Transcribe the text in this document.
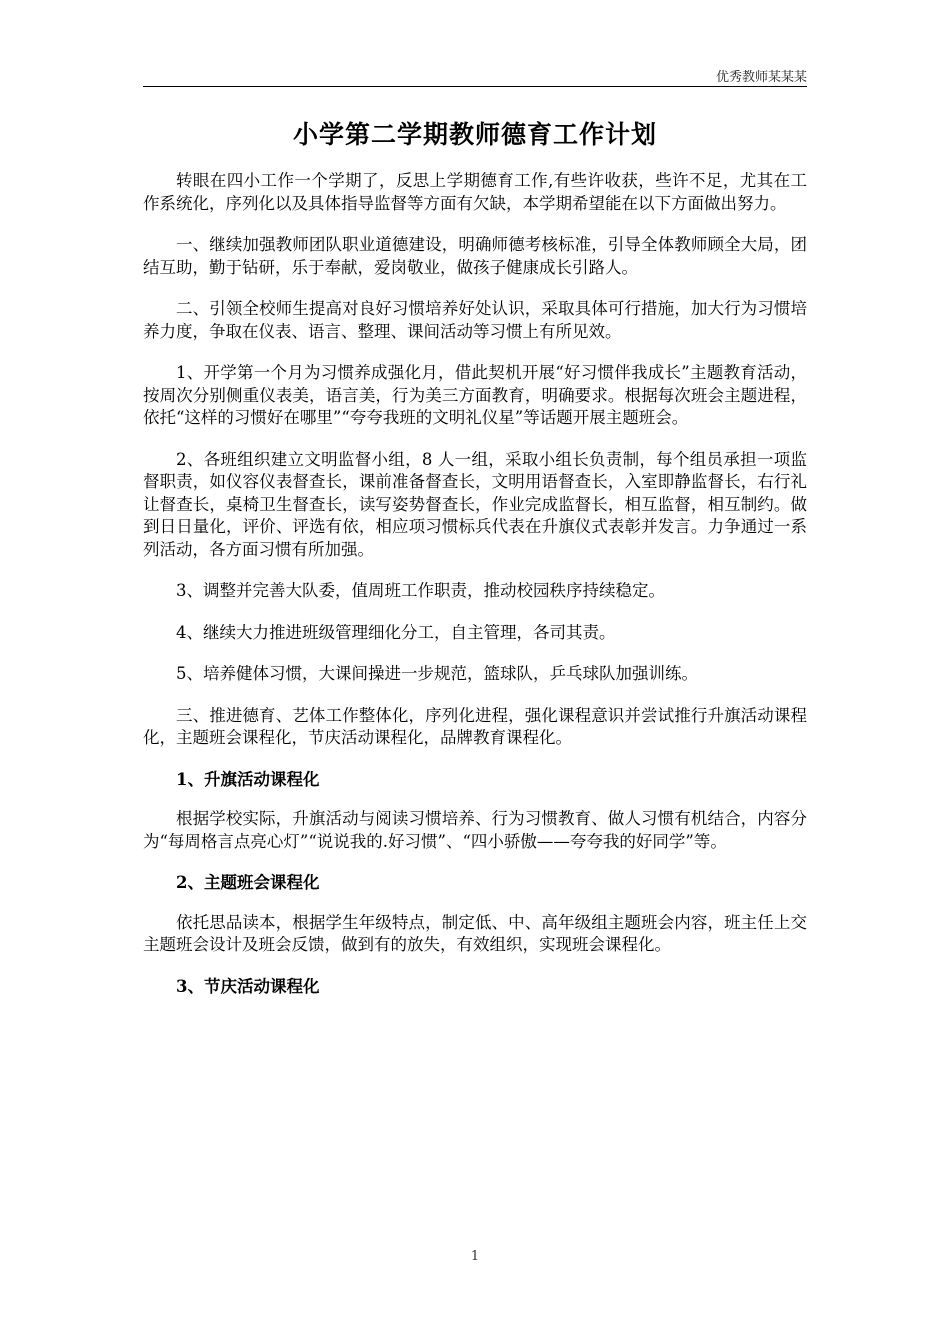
优秀教师某某某
小学第二学期教师德育工作计划

转眼在四小工作一个学期了，反思上学期德育工作,有些许收获，些许不足，尤其在工作系统化，序列化以及具体指导监督等方面有欠缺，本学期希望能在以下方面做出努力。

一、继续加强教师团队职业道德建设，明确师德考核标准，引导全体教师顾全大局，团结互助，勤于钻研，乐于奉献，爱岗敬业，做孩子健康成长引路人。

二、引领全校师生提高对良好习惯培养好处认识，采取具体可行措施，加大行为习惯培养力度，争取在仪表、语言、整理、课间活动等习惯上有所见效。

1、开学第一个月为习惯养成强化月，借此契机开展“好习惯伴我成长”主题教育活动，按周次分别侧重仪表美，语言美，行为美三方面教育，明确要求。根据每次班会主题进程，依托“这样的习惯好在哪里”“夸夸我班的文明礼仪星”等话题开展主题班会。

2、各班组织建立文明监督小组，8 人一组，采取小组长负责制，每个组员承担一项监督职责，如仪容仪表督查长，课前准备督查长，文明用语督查长，入室即静监督长，右行礼让督查长，桌椅卫生督查长，读写姿势督查长，作业完成监督长，相互监督，相互制约。做到日日量化，评价、评选有依，相应项习惯标兵代表在升旗仪式表彰并发言。力争通过一系列活动，各方面习惯有所加强。

3、调整并完善大队委，值周班工作职责，推动校园秩序持续稳定。

4、继续大力推进班级管理细化分工，自主管理，各司其责。

5、培养健体习惯，大课间操进一步规范，篮球队，乒乓球队加强训练。

三、推进德育、艺体工作整体化，序列化进程，强化课程意识并尝试推行升旗活动课程化，主题班会课程化，节庆活动课程化，品牌教育课程化。

1、升旗活动课程化

根据学校实际，升旗活动与阅读习惯培养、行为习惯教育、做人习惯有机结合，内容分为“每周格言点亮心灯”“说说我的.好习惯”、“四小骄傲——夸夸我的好同学”等。

2、主题班会课程化

依托思品读本，根据学生年级特点，制定低、中、高年级组主题班会内容，班主任上交主题班会设计及班会反馈，做到有的放失，有效组织，实现班会课程化。

3、节庆活动课程化

1
